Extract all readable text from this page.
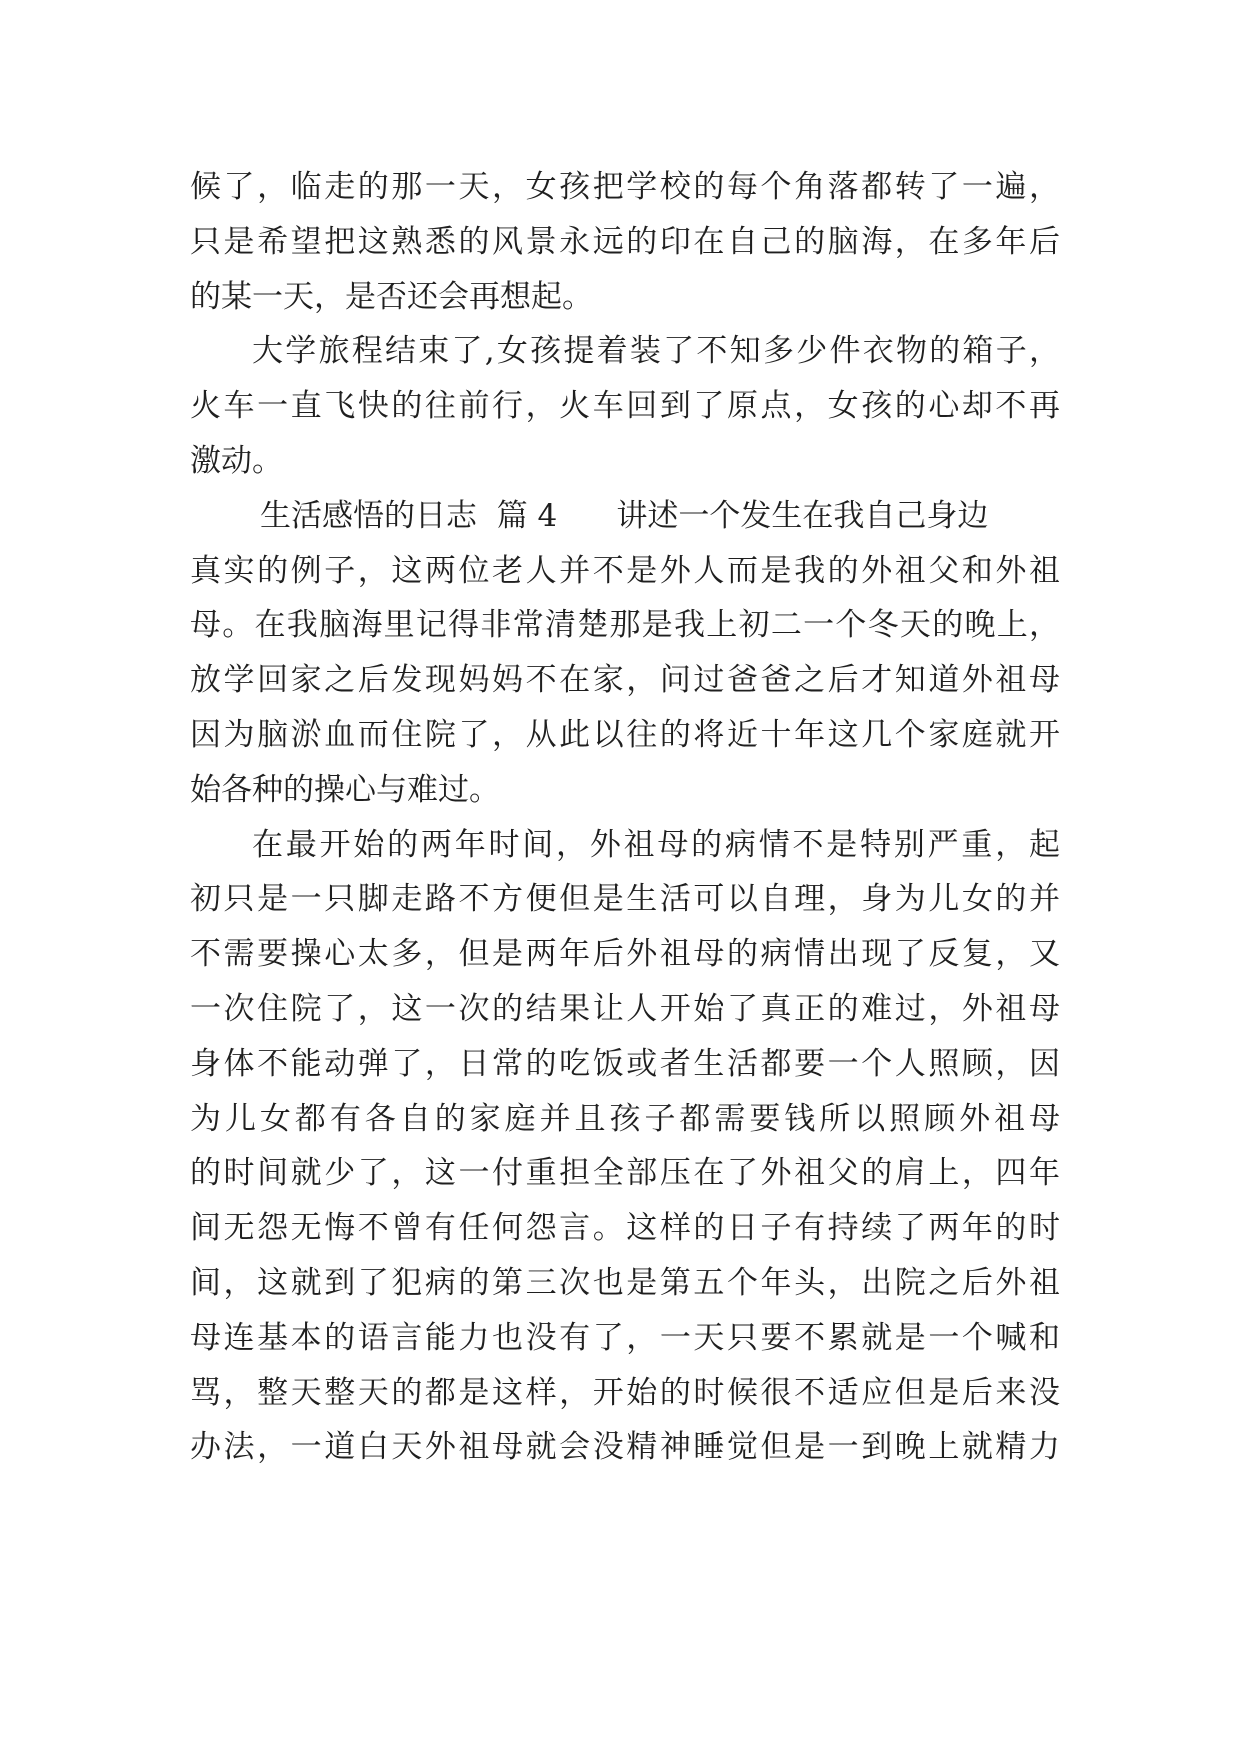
候了，临走的那一天，女孩把学校的每个角落都转了一遍，
只是希望把这熟悉的风景永远的印在自己的脑海，在多年后
的某一天，是否还会再想起。
大学旅程结束了,女孩提着装了不知多少件衣物的箱子，
火车一直飞快的往前行，火车回到了原点，女孩的心却不再
激动。
生活感悟的日志  篇 4      讲述一个发生在我自己身边
真实的例子，这两位老人并不是外人而是我的外祖父和外祖
母。在我脑海里记得非常清楚那是我上初二一个冬天的晚上，
放学回家之后发现妈妈不在家，问过爸爸之后才知道外祖母
因为脑淤血而住院了，从此以往的将近十年这几个家庭就开
始各种的操心与难过。
在最开始的两年时间，外祖母的病情不是特别严重，起
初只是一只脚走路不方便但是生活可以自理，身为儿女的并
不需要操心太多，但是两年后外祖母的病情出现了反复，又
一次住院了，这一次的结果让人开始了真正的难过，外祖母
身体不能动弹了，日常的吃饭或者生活都要一个人照顾，因
为儿女都有各自的家庭并且孩子都需要钱所以照顾外祖母
的时间就少了，这一付重担全部压在了外祖父的肩上，四年
间无怨无悔不曾有任何怨言。这样的日子有持续了两年的时
间，这就到了犯病的第三次也是第五个年头，出院之后外祖
母连基本的语言能力也没有了，一天只要不累就是一个喊和
骂，整天整天的都是这样，开始的时候很不适应但是后来没
办法，一道白天外祖母就会没精神睡觉但是一到晚上就精力
